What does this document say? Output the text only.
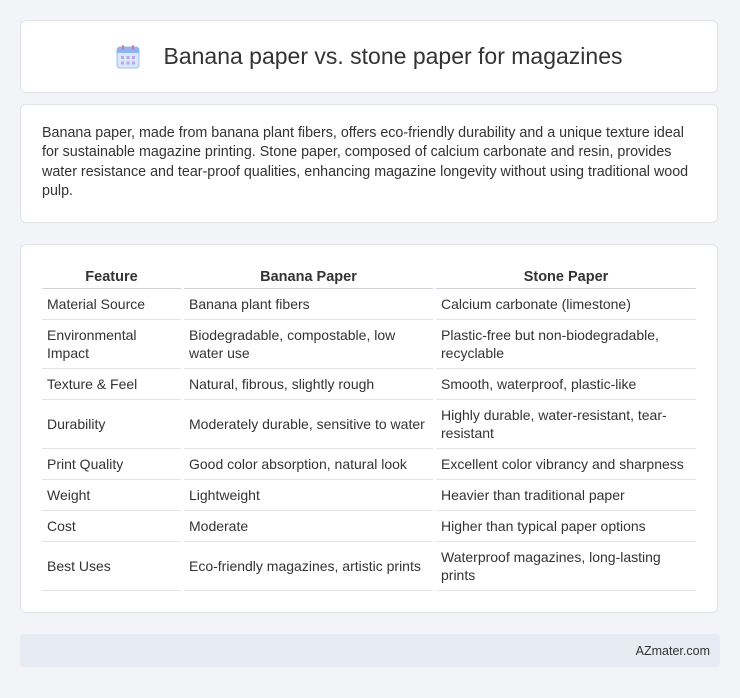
Banana paper vs. stone paper for magazines

Banana paper, made from banana plant fibers, offers eco-friendly durability and a unique texture ideal for sustainable magazine printing. Stone paper, composed of calcium carbonate and resin, provides water resistance and tear-proof qualities, enhancing magazine longevity without using traditional wood pulp.

Feature	Banana Paper	Stone Paper
Material Source	Banana plant fibers	Calcium carbonate (limestone)
Environmental Impact	Biodegradable, compostable, low water use	Plastic-free but non-biodegradable, recyclable
Texture & Feel	Natural, fibrous, slightly rough	Smooth, waterproof, plastic-like
Durability	Moderately durable, sensitive to water	Highly durable, water-resistant, tear-resistant
Print Quality	Good color absorption, natural look	Excellent color vibrancy and sharpness
Weight	Lightweight	Heavier than traditional paper
Cost	Moderate	Higher than typical paper options
Best Uses	Eco-friendly magazines, artistic prints	Waterproof magazines, long-lasting prints
AZmater.com
